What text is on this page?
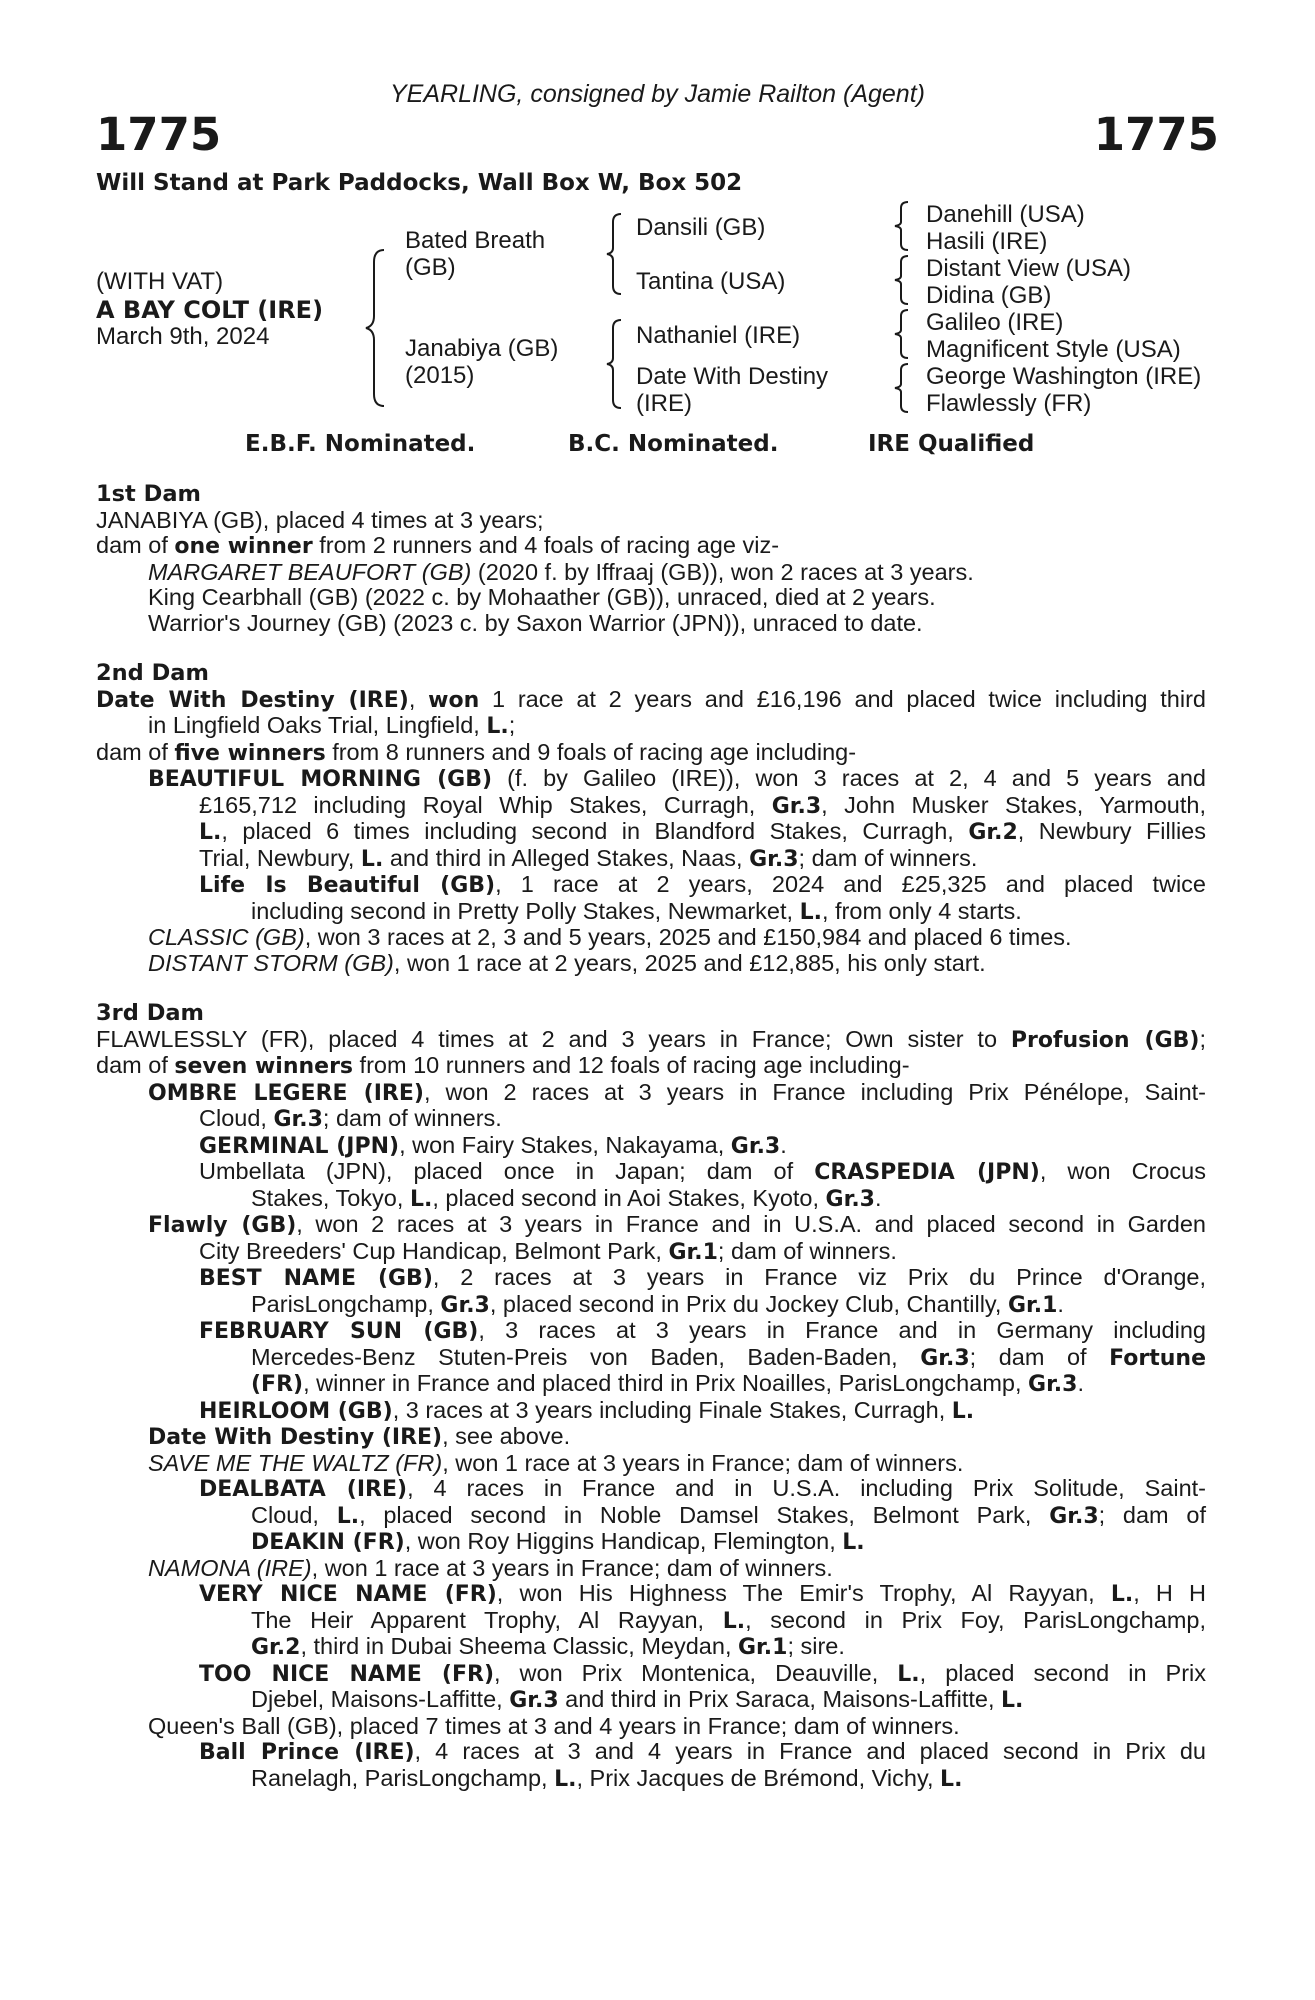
YEARLING, consigned by Jamie Railton (Agent)
1775	1775
Will Stand at Park Paddocks, Wall Box W, Box 502
(WITH VAT)
A BAY COLT (IRE)
March 9th, 2024
Bated Breath
(GB)
Janabiya (GB)
(2015)
Dansili (GB)
Tantina (USA)
Nathaniel (IRE)
Date With Destiny
(IRE)
Danehill (USA)
Hasili (IRE)
Distant View (USA)
Didina (GB)
Galileo (IRE)
Magnificent Style (USA)
George Washington (IRE)
Flawlessly (FR)
E.B.F. Nominated.	B.C. Nominated.	IRE Qualified
1st Dam
JANABIYA (GB), placed 4 times at 3 years;
dam of one winner from 2 runners and 4 foals of racing age viz-
MARGARET BEAUFORT (GB) (2020 f. by Iffraaj (GB)), won 2 races at 3 years.
King Cearbhall (GB) (2022 c. by Mohaather (GB)), unraced, died at 2 years.
Warrior's Journey (GB) (2023 c. by Saxon Warrior (JPN)), unraced to date.
2nd Dam
Date With Destiny (IRE), won 1 race at 2 years and £16,196 and placed twice including third
in Lingfield Oaks Trial, Lingfield, L.;
dam of five winners from 8 runners and 9 foals of racing age including-
BEAUTIFUL MORNING (GB) (f. by Galileo (IRE)), won 3 races at 2, 4 and 5 years and
£165,712 including Royal Whip Stakes, Curragh, Gr.3, John Musker Stakes, Yarmouth,
L., placed 6 times including second in Blandford Stakes, Curragh, Gr.2, Newbury Fillies
Trial, Newbury, L. and third in Alleged Stakes, Naas, Gr.3; dam of winners.
Life Is Beautiful (GB), 1 race at 2 years, 2024 and £25,325 and placed twice
including second in Pretty Polly Stakes, Newmarket, L., from only 4 starts.
CLASSIC (GB), won 3 races at 2, 3 and 5 years, 2025 and £150,984 and placed 6 times.
DISTANT STORM (GB), won 1 race at 2 years, 2025 and £12,885, his only start.
3rd Dam
FLAWLESSLY (FR), placed 4 times at 2 and 3 years in France; Own sister to Profusion (GB);
dam of seven winners from 10 runners and 12 foals of racing age including-
OMBRE LEGERE (IRE), won 2 races at 3 years in France including Prix Pénélope, Saint-
Cloud, Gr.3; dam of winners.
GERMINAL (JPN), won Fairy Stakes, Nakayama, Gr.3.
Umbellata (JPN), placed once in Japan; dam of CRASPEDIA (JPN), won Crocus
Stakes, Tokyo, L., placed second in Aoi Stakes, Kyoto, Gr.3.
Flawly (GB), won 2 races at 3 years in France and in U.S.A. and placed second in Garden
City Breeders' Cup Handicap, Belmont Park, Gr.1; dam of winners.
BEST NAME (GB), 2 races at 3 years in France viz Prix du Prince d'Orange,
ParisLongchamp, Gr.3, placed second in Prix du Jockey Club, Chantilly, Gr.1.
FEBRUARY SUN (GB), 3 races at 3 years in France and in Germany including
Mercedes-Benz Stuten-Preis von Baden, Baden-Baden, Gr.3; dam of Fortune
(FR), winner in France and placed third in Prix Noailles, ParisLongchamp, Gr.3.
HEIRLOOM (GB), 3 races at 3 years including Finale Stakes, Curragh, L.
Date With Destiny (IRE), see above.
SAVE ME THE WALTZ (FR), won 1 race at 3 years in France; dam of winners.
DEALBATA (IRE), 4 races in France and in U.S.A. including Prix Solitude, Saint-
Cloud, L., placed second in Noble Damsel Stakes, Belmont Park, Gr.3; dam of
DEAKIN (FR), won Roy Higgins Handicap, Flemington, L.
NAMONA (IRE), won 1 race at 3 years in France; dam of winners.
VERY NICE NAME (FR), won His Highness The Emir's Trophy, Al Rayyan, L., H H
The Heir Apparent Trophy, Al Rayyan, L., second in Prix Foy, ParisLongchamp,
Gr.2, third in Dubai Sheema Classic, Meydan, Gr.1; sire.
TOO NICE NAME (FR), won Prix Montenica, Deauville, L., placed second in Prix
Djebel, Maisons-Laffitte, Gr.3 and third in Prix Saraca, Maisons-Laffitte, L.
Queen's Ball (GB), placed 7 times at 3 and 4 years in France; dam of winners.
Ball Prince (IRE), 4 races at 3 and 4 years in France and placed second in Prix du
Ranelagh, ParisLongchamp, L., Prix Jacques de Brémond, Vichy, L.
